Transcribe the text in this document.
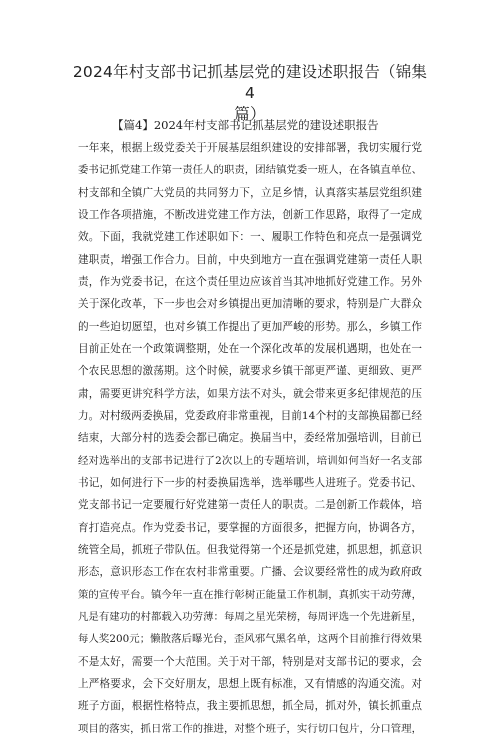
2024年村支部书记抓基层党的建设述职报告（锦集4
篇）
【篇4】2024年村支部书记抓基层党的建设述职报告
一年来，根据上级党委关于开展基层组织建设的安排部署，我切实履行党
委书记抓党建工作第一责任人的职责，团结镇党委一班人，在各镇直单位、
村支部和全镇广大党员的共同努力下，立足乡情，认真落实基层党组织建
设工作各项措施，不断改进党建工作方法，创新工作思路，取得了一定成
效。下面，我就党建工作述职如下：一、履职工作特色和亮点一是强调党
建职责，增强工作合力。目前，中央到地方一直在强调党建第一责任人职
责，作为党委书记，在这个责任里边应该首当其冲地抓好党建工作。另外
关于深化改革，下一步也会对乡镇提出更加清晰的要求，特别是广大群众
的一些迫切愿望，也对乡镇工作提出了更加严峻的形势。那么，乡镇工作
目前正处在一个政策调整期，处在一个深化改革的发展机遇期，也处在一
个农民思想的激荡期。这个时候，就要求乡镇干部更严谨、更细致、更严
肃，需要更讲究科学方法，如果方法不对头，就会带来更多纪律规范的压
力。对村级两委换届，党委政府非常重视，目前14个村的支部换届都已经
结束，大部分村的选委会都已确定。换届当中，委经常加强培训，目前已
经对选举出的支部书记进行了2次以上的专题培训，培训如何当好一名支部
书记，如何进行下一步的村委换届选举，选举哪些人进班子。党委书记、
党支部书记一定要履行好党建第一责任人的职责。二是创新工作载体，培
育打造亮点。作为党委书记，要掌握的方面很多，把握方向，协调各方，
统管全局，抓班子带队伍。但我觉得第一个还是抓党建，抓思想，抓意识
形态，意识形态工作在农村非常重要。广播、会议要经常性的成为政府政
策的宣传平台。镇今年一直在推行彰树正能量工作机制，真抓实干动劳薄，
凡是有建功的村都载入功劳薄：每周之星光荣榜，每周评选一个先进新星，
每人奖200元；懒散落后曝光台，歪风邪气黑名单，这两个目前推行得效果
不是太好，需要一个大范围。关于对干部，特别是对支部书记的要求，会
上严格要求，会下交好朋友，思想上既有标准，又有情感的沟通交流。对
班子方面，根据性格特点，我主要抓思想，抓全局，抓对外，镇长抓重点
项目的落实，抓日常工作的推进，对整个班子，实行切口包片，分口管理，
